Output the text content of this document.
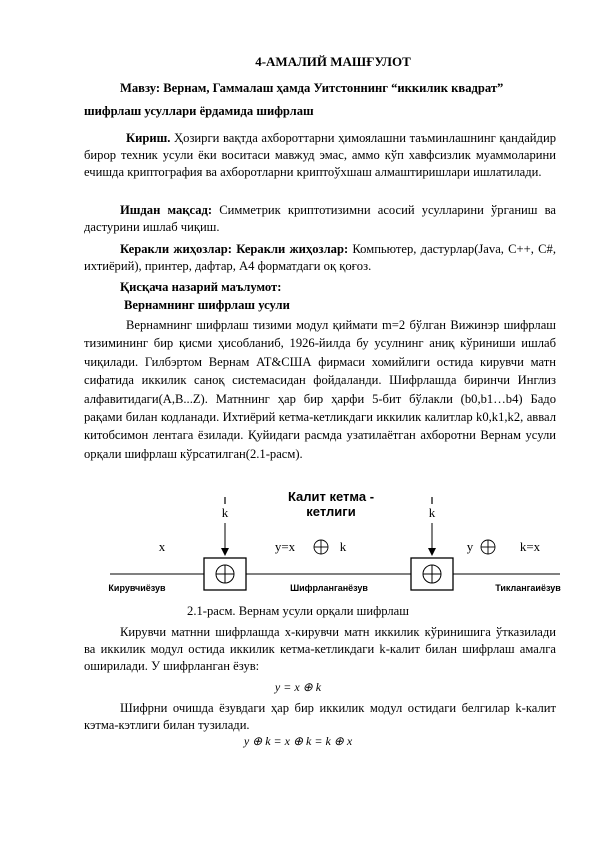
4-АМАЛИЙ МАШҒУЛОТ

Мавзу: Вернам, Гаммалаш ҳамда Уитстоннинг “иккилик квадрат”

шифрлаш усуллари ёрдамида шифрлаш

Кириш. Ҳозирги вақтда ахбороттарни ҳимоялашни таъминлашнинг қандайдир бирор техник усули ёки воситаси мавжуд эмас, аммо кўп хавфсизлик муаммоларини ечишда криптография ва ахборотларни криптоўхшаш алмаштиришлари ишлатилади.

Ишдан мақсад: Симметрик криптотизимни асосий усулларини ўрганиш ва дастурини ишлаб чиқиш.

Керакли жиҳозлар: Керакли жиҳозлар: Компьютер, дастурлар(Java, C++, C#, ихтиёрий), принтер, дафтар, А4 форматдаги оқ қоғоз.

Қисқача назарий маълумот:

Вернамнинг шифрлаш усули

Вернамнинг шифрлаш тизими модул қиймати m=2 бўлган Вижинэр шифрлаш тизимининг бир қисми ҳисобланиб, 1926-йилда бу усулнинг аниқ кўриниши ишлаб чиқилади. Гилбэртом Вернам AT&CША фирмаси хомийлиги остида кирувчи матн сифатида иккилик саноқ системасидан фойдаланди. Шифрлашда биринчи Инглиз алфавитидаги(A,B...Z). Матннинг ҳар бир ҳарфи 5-бит бўлакли (b0,b1…b4) Бадо рақами билан кодланади. Ихтиёрий кетма-кетликдаги иккилик калитлар k0,k1,k2, аввал китобсимон лентага ёзилади. Қуйидаги расмда узатилаётган ахборотни Вернам усули орқали шифрлаш кўрсатилган(2.1-расм).

Калит кетма -
кетлиги
k	k
x	y=x	k	y	k=x
Кирувчиёзув	Шифрланганёзув	Тиклангаиёзув
2.1-расм. Вернам усули орқали шифрлаш

Кирувчи матнни шифрлашда x-кирувчи матн иккилик кўринишига ўтказилади ва иккилик модул остида иккилик кетма-кетликдаги k-калит билан шифрлаш амалга оширилади. У шифрланган ёзув:

y = x ⊕ k

Шифрни очишда ёзувдаги ҳар бир иккилик модул остидаги белгилар k-калит кэтма-кэтлиги билан тузилади.

y ⊕ k = x ⊕ k = k ⊕ x
